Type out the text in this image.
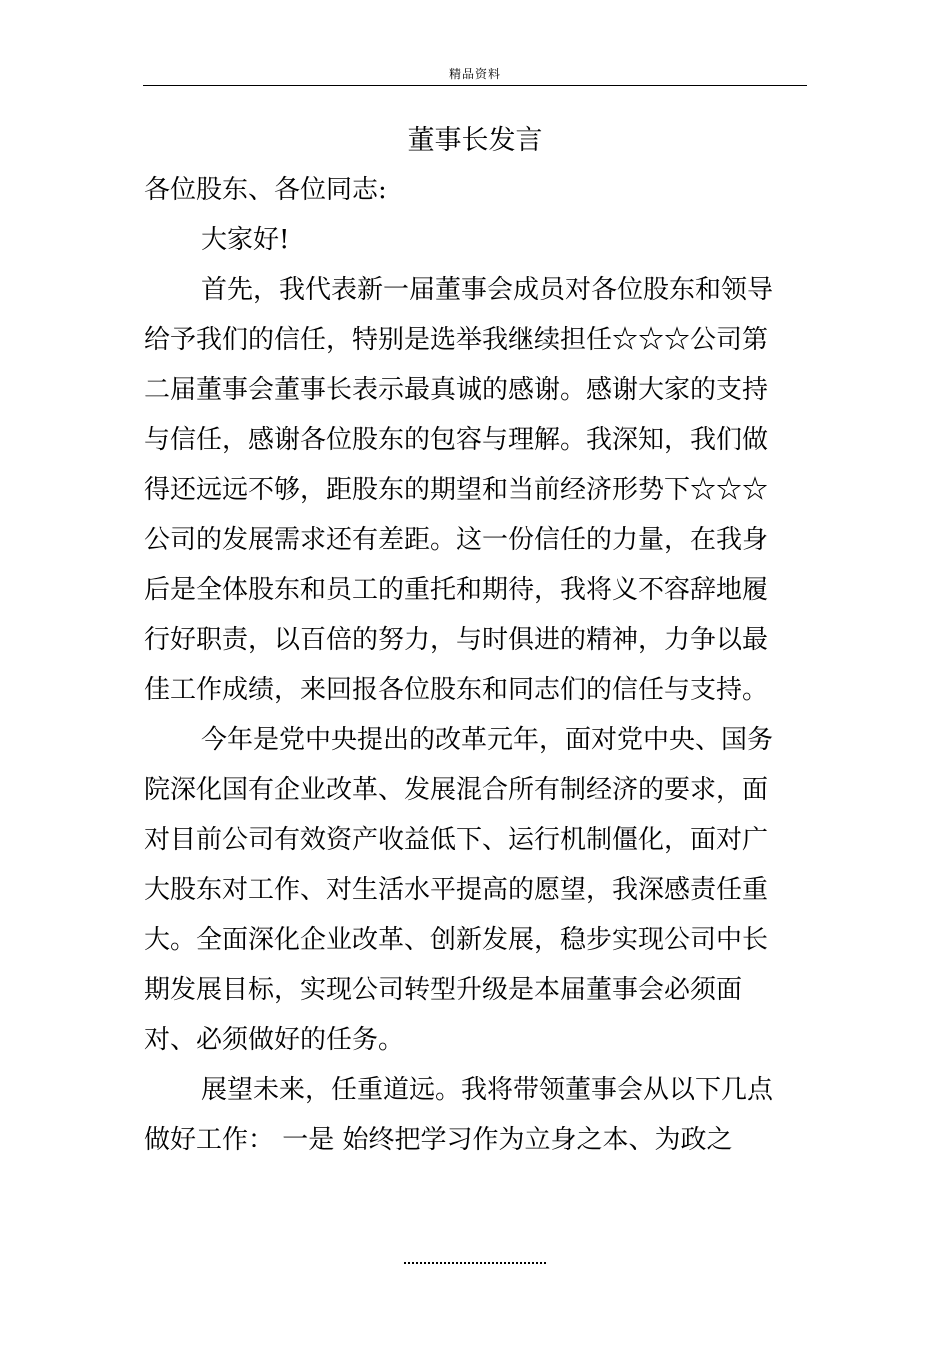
精品资料
董事长发言

各位股东、各位同志:

大家好!

首先，我代表新一届董事会成员对各位股东和领导给予我们的信任，特别是选举我继续担任☆☆☆公司第二届董事会董事长表示最真诚的感谢。感谢大家的支持与信任，感谢各位股东的包容与理解。我深知，我们做得还远远不够，距股东的期望和当前经济形势下☆☆☆公司的发展需求还有差距。这一份信任的力量，在我身后是全体股东和员工的重托和期待，我将义不容辞地履行好职责，以百倍的努力，与时俱进的精神，力争以最佳工作成绩，来回报各位股东和同志们的信任与支持。

今年是党中央提出的改革元年，面对党中央、国务院深化国有企业改革、发展混合所有制经济的要求，面对目前公司有效资产收益低下、运行机制僵化，面对广大股东对工作、对生活水平提高的愿望，我深感责任重大。全面深化企业改革、创新发展，稳步实现公司中长期发展目标，实现公司转型升级是本届董事会必须面对、必须做好的任务。

展望未来，任重道远。我将带领董事会从以下几点做好工作： 一是 始终把学习作为立身之本、为政之
